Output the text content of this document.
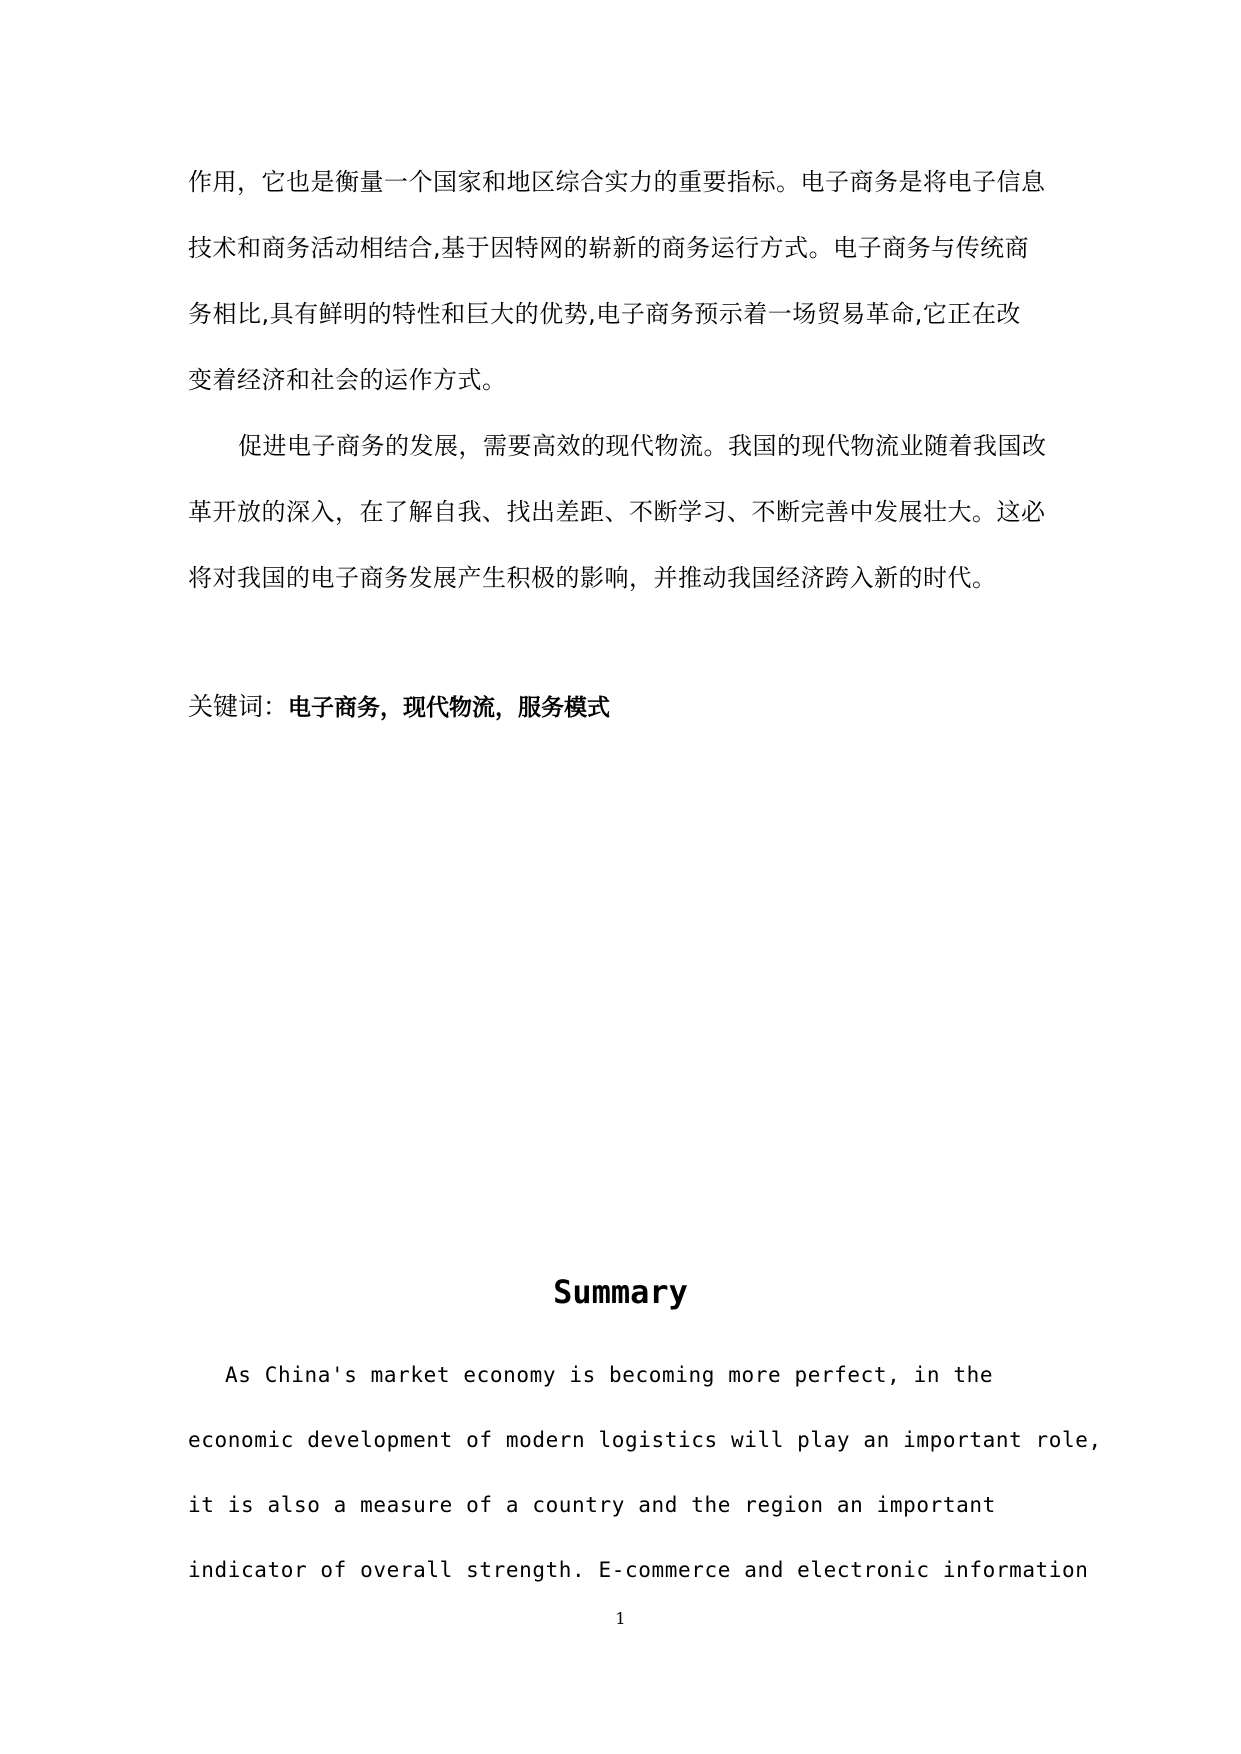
作用，它也是衡量一个国家和地区综合实力的重要指标。电子商务是将电子信息
技术和商务活动相结合,基于因特网的崭新的商务运行方式。电子商务与传统商
务相比,具有鲜明的特性和巨大的优势,电子商务预示着一场贸易革命,它正在改
变着经济和社会的运作方式。
促进电子商务的发展，需要高效的现代物流。我国的现代物流业随着我国改
革开放的深入，在了解自我、找出差距、不断学习、不断完善中发展壮大。这必
将对我国的电子商务发展产生积极的影响，并推动我国经济跨入新的时代。
关键词：电子商务，现代物流，服务模式
Summary
As China's market economy is becoming more perfect, in the
economic development of modern logistics will play an important role,
it is also a measure of a country and the region an important
indicator of overall strength. E-commerce and electronic information
1
